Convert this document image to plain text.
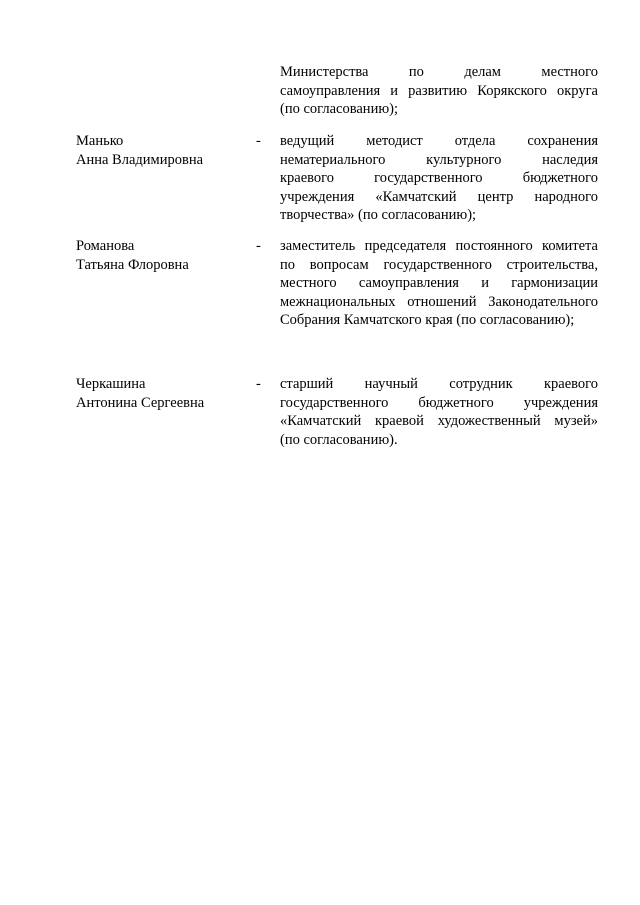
Министерства по делам местного
самоуправления и развитию Корякского округа
(по согласованию);
Манько
Анна Владимировна
-	ведущий методист отдела сохранения
нематериального культурного наследия
краевого государственного бюджетного
учреждения «Камчатский центр народного
творчества» (по согласованию);
Романова
Татьяна Флоровна
-	заместитель председателя постоянного комитета
по вопросам государственного строительства,
местного самоуправления и гармонизации
межнациональных отношений Законодательного
Собрания Камчатского края (по согласованию);
Черкашина
Антонина Сергеевна
-	старший научный сотрудник краевого
государственного бюджетного учреждения
«Камчатский краевой художественный музей»
(по согласованию).
